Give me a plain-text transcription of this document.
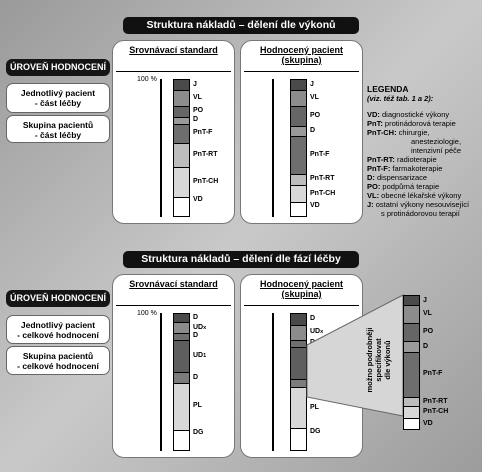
Struktura nákladů – dělení dle výkonů
Srovnávací standard
100 %
J
VL
PO
D
PnT-F
PnT-RT
PnT-CH
VD
Hodnocený pacient
(skupina)
J
VL
PO
D
PnT-F
PnT-RT
PnT-CH
VD
ÚROVEŇ HODNOCENÍ
Jednotlivý pacient
- část léčby
Skupina pacientů
- část léčby
LEGENDA
(viz. též tab. 1 a 2):
VD: diagnostické výkony
PnT: protinádorová terapie
PnT-CH: chirurgie,
anesteziologie,
intenzivní péče
PnT-RT: radioterapie
PnT-F: farmakoterapie
D: dispensarizace
PO: podpůrná terapie
VL: obecné lékařské výkony
J: ostatní výkony nesouvisející
s protinádorovou terapií
Struktura nákladů – dělení dle fází léčby
Srovnávací standard
100 %
D
UDx
D
UD1
D
PL
DG
Hodnocený pacient
(skupina)
D
UDx
PL
DG
ÚROVEŇ HODNOCENÍ
Jednotlivý pacient
- celkové hodnocení
Skupina pacientů
- celkové hodnocení	možno podrobněji
specifikovat
dle výkonů
J
VL
PO
D
PnT-F
PnT-RT
PnT-CH
VD
